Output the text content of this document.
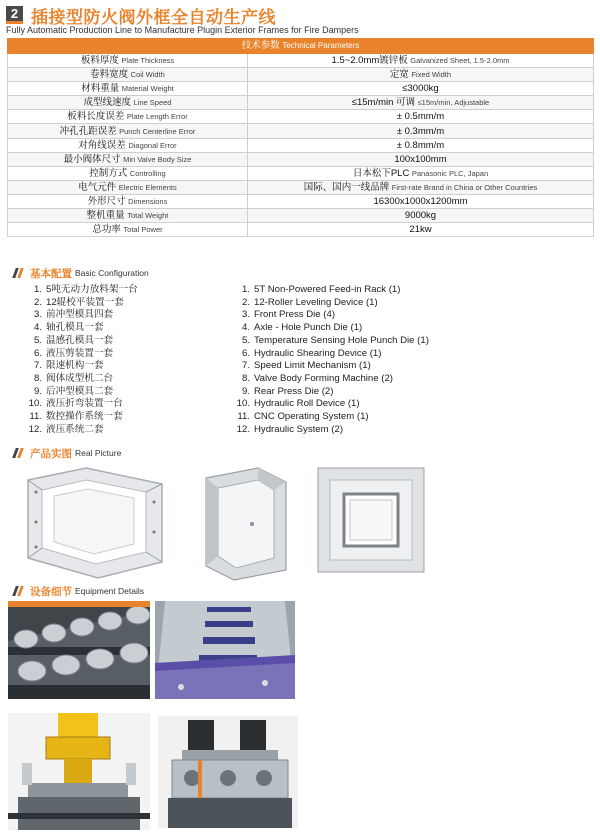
2 插接型防火阀外框全自动生产线
Fully Automatic Production Line to Manufacture Plugin Exterior Frames for Fire Dampers
技术参数 Technical Parameters	
板料厚度 Plate Thickness	1.5~2.0mm镀锌板 Galvanized Sheet, 1.5-2.0mm
卷料宽度 Coil Width	定宽 Fixed Width
材料重量 Material Weight	≤3000kg
成型线速度 Line Speed	≤15m/min 可调 ≤15m/min, Adjustable
板料长度误差 Plate Length Error	± 0.5mm/m
冲孔孔距误差 Punch Centerline Error	± 0.3mm/m
对角线误差 Diagonal Error	± 0.8mm/m
最小阀体尺寸 Min Valve Body Size	100x100mm
控制方式 Controlling	日本松下PLC Panasonic PLC, Japan
电气元件 Electric Elements	国际、国内一线品牌 First-rate Brand in China or Other Countries
外形尺寸 Dimensions	16300x1000x1200mm
整机重量 Total Weight	9000kg
总功率 Total Power	21kw
基本配置 Basic Configuration
1. 5吨无动力放料架一台
2. 12辊校平装置一套
3. 前冲型模具四套
4. 轴孔模具一套
5. 温感孔模具一套
6. 液压剪装置一套
7. 限速机构一套
8. 阀体成型机二台
9. 后冲型模具二套
10. 液压折弯装置一台
11. 数控操作系统一套
12. 液压系统二套
1. 5T Non-Powered Feed-in Rack (1)
2. 12-Roller Leveling Device (1)
3. Front Press Die (4)
4. Axle - Hole Punch Die (1)
5. Temperature Sensing Hole Punch Die (1)
6. Hydraulic Shearing Device (1)
7. Speed Limit Mechanism (1)
8. Valve Body Forming Machine (2)
9. Rear Press Die (2)
10. Hydraulic Roll Device (1)
11. CNC Operating System (1)
12. Hydraulic System (2)
产品实图 Real Picture
设备细节 Equipment Details
